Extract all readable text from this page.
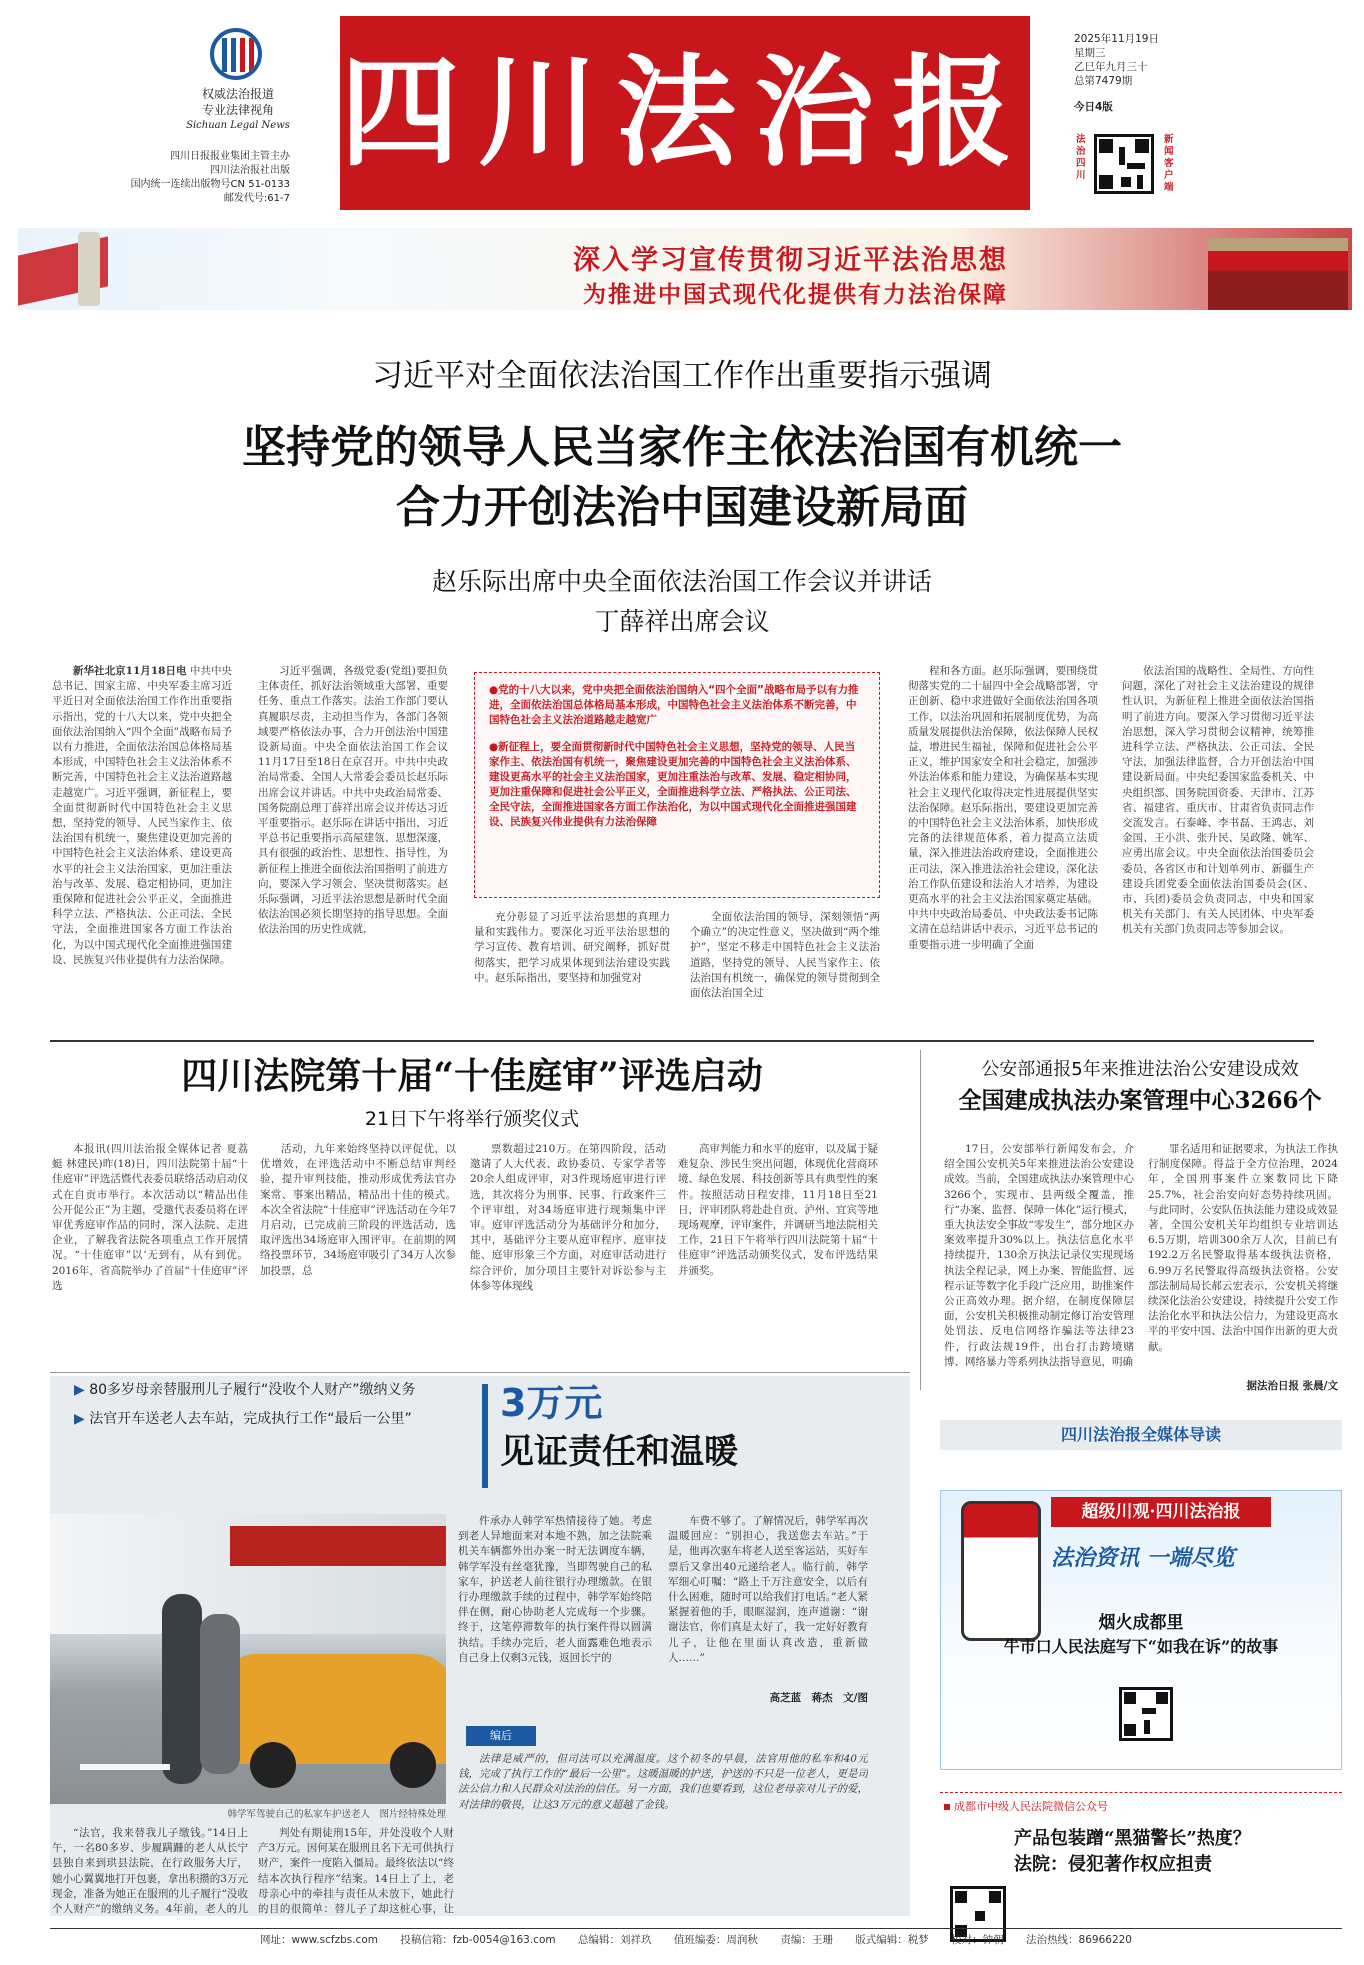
权威法治报道
专业法律视角
Sichuan Legal News
四川日报报业集团主管主办
四川法治报社出版
国内统一连续出版物号CN 51-0133
邮发代号:61-7
四川法治报
2025年11月19日
星期三
乙巳年九月三十
总第7479期
今日4版
法治四川
新闻客户端
深入学习宣传贯彻习近平法治思想
为推进中国式现代化提供有力法治保障
习近平对全面依法治国工作作出重要指示强调
坚持党的领导人民当家作主依法治国有机统一
合力开创法治中国建设新局面
赵乐际出席中央全面依法治国工作会议并讲话
丁薛祥出席会议

新华社北京11月18日电 中共中央总书记、国家主席、中央军委主席习近平近日对全面依法治国工作作出重要指示指出，党的十八大以来，党中央把全面依法治国纳入“四个全面”战略布局予以有力推进，全面依法治国总体格局基本形成，中国特色社会主义法治体系不断完善，中国特色社会主义法治道路越走越宽广。习近平强调，新征程上，要全面贯彻新时代中国特色社会主义思想，坚持党的领导、人民当家作主、依法治国有机统一，聚焦建设更加完善的中国特色社会主义法治体系、建设更高水平的社会主义法治国家，更加注重法治与改革、发展、稳定相协同，更加注重保障和促进社会公平正义，全面推进科学立法、严格执法、公正司法、全民守法，全面推进国家各方面工作法治化，为以中国式现代化全面推进强国建设、民族复兴伟业提供有力法治保障。

习近平强调，各级党委(党组)要担负主体责任，抓好法治领域重大部署、重要任务、重点工作落实。法治工作部门要认真履职尽责，主动担当作为，各部门各领域要严格依法办事，合力开创法治中国建设新局面。中央全面依法治国工作会议11月17日至18日在京召开。中共中央政治局常委、全国人大常委会委员长赵乐际出席会议并讲话。中共中央政治局常委、国务院副总理丁薛祥出席会议并传达习近平重要指示。赵乐际在讲话中指出，习近平总书记重要指示高屋建瓴、思想深邃，具有很强的政治性、思想性、指导性，为新征程上推进全面依法治国指明了前进方向，要深入学习领会、坚决贯彻落实。赵乐际强调，习近平法治思想是新时代全面依法治国必须长期坚持的指导思想。全面依法治国的历史性成就，

●党的十八大以来，党中央把全面依法治国纳入“四个全面”战略布局予以有力推进，全面依法治国总体格局基本形成，中国特色社会主义法治体系不断完善，中国特色社会主义法治道路越走越宽广

●新征程上，要全面贯彻新时代中国特色社会主义思想，坚持党的领导、人民当家作主、依法治国有机统一，聚焦建设更加完善的中国特色社会主义法治体系、建设更高水平的社会主义法治国家，更加注重法治与改革、发展、稳定相协同，更加注重保障和促进社会公平正义，全面推进科学立法、严格执法、公正司法、全民守法，全面推进国家各方面工作法治化，为以中国式现代化全面推进强国建设、民族复兴伟业提供有力法治保障

充分彰显了习近平法治思想的真理力量和实践伟力。要深化习近平法治思想的学习宣传、教育培训、研究阐释，抓好贯彻落实，把学习成果体现到法治建设实践中。赵乐际指出，要坚持和加强党对

全面依法治国的领导，深刻领悟“两个确立”的决定性意义，坚决做到“两个维护”，坚定不移走中国特色社会主义法治道路，坚持党的领导、人民当家作主、依法治国有机统一，确保党的领导贯彻到全面依法治国全过

程和各方面。赵乐际强调，要围绕贯彻落实党的二十届四中全会战略部署，守正创新、稳中求进做好全面依法治国各项工作，以法治巩固和拓展制度优势，为高质量发展提供法治保障，依法保障人民权益，增进民生福祉，保障和促进社会公平正义，维护国家安全和社会稳定，加强涉外法治体系和能力建设，为确保基本实现社会主义现代化取得决定性进展提供坚实法治保障。赵乐际指出，要建设更加完善的中国特色社会主义法治体系，加快形成完备的法律规范体系，着力提高立法质量，深入推进法治政府建设，全面推进公正司法，深入推进法治社会建设，深化法治工作队伍建设和法治人才培养，为建设更高水平的社会主义法治国家奠定基础。中共中央政治局委员、中央政法委书记陈文清在总结讲话中表示，习近平总书记的重要指示进一步明确了全面

依法治国的战略性、全局性、方向性问题，深化了对社会主义法治建设的规律性认识，为新征程上推进全面依法治国指明了前进方向。要深入学习贯彻习近平法治思想，深入学习贯彻会议精神，统筹推进科学立法、严格执法、公正司法、全民守法，加强法律监督，合力开创法治中国建设新局面。中央纪委国家监委机关、中央组织部、国务院国资委、天津市、江苏省、福建省、重庆市、甘肃省负责同志作交流发言。石泰峰、李书磊、王鸿志、刘金国、王小洪、张升民、吴政隆、姚军、应勇出席会议。中央全面依法治国委员会委员，各省区市和计划单列市、新疆生产建设兵团党委全面依法治国委员会(区、市、兵团)委员会负责同志，中央和国家机关有关部门、有关人民团体、中央军委机关有关部门负责同志等参加会议。

四川法院第十届“十佳庭审”评选启动
21日下午将举行颁奖仪式

本报讯(四川法治报全媒体记者 夏荔蜓 林建民)昨(18)日，四川法院第十届“十佳庭审”评选活暨代表委员联络活动启动仪式在自贡市举行。本次活动以“精品出佳 公开促公正”为主题，受邀代表委员将在评审优秀庭审作品的同时，深入法院、走进企业，了解我省法院各项重点工作开展情况。“十佳庭审”以‘无到有，从有到优。2016年，省高院举办了首届“十佳庭审”评选

活动，九年来始终坚持以评促优，以优增效，在评选活动中不断总结审判经验，提升审判技能，推动形成优秀法官办案常、事案出精品，精品出十佳的模式。本次全省法院“十佳庭审”评选活动在今年7月启动，已完成前三阶段的评选活动，选取评选出34场庭审入围评审。在前期的网络投票环节，34场庭审吸引了34万人次参加投票，总

票数超过210万。在第四阶段，活动邀请了人大代表、政协委员、专家学者等20余人组成评审，对3件现场庭审进行评选，其次将分为刑事、民事、行政案件三个评审组，对34场庭审进行现频集中评审。庭审评选活动分为基础评分和加分，其中，基础评分主要从庭审程序、庭审技能、庭审形象三个方面，对庭审活动进行综合评价，加分项目主要针对诉讼参与主体参等体现线

高审判能力和水平的庭审，以及属于疑难复杂、涉民生突出问题，体现优化营商环境、绿色发展、科技创新等具有典型性的案件。按照活动日程安排，11月18日至21日，评审团队将赴赴自贡、泸州、宜宾等地现场观摩，评审案件，并调研当地法院相关工作，21日下午将举行四川法院第十届“十佳庭审”评选活动颁奖仪式，发布评选结果并颁奖。

公安部通报5年来推进法治公安建设成效
全国建成执法办案管理中心3266个

17日，公安部举行新闻发布会，介绍全国公安机关5年来推进法治公安建设成效。当前，全国建成执法办案管理中心3266个，实现市、县两级全覆盖，推行“办案、监督、保障一体化”运行模式，重大执法安全事故“零发生”，部分地区办案效率提升30%以上。执法信息化水平持续提升，130余万执法记录仪实现现场执法全程记录，网上办案、智能监督、远程示证等数字化手段广泛应用，助推案件公正高效办理。据介绍，在制度保障层面，公安机关积极推动制定修订治安管理处罚法、反电信网络诈骗法等法律23件，行政法规19件，出台打击跨境赌博、网络暴力等系列执法指导意见，明确

罪名适用和证据要求，为执法工作执行制度保障。得益于全方位治理，2024年，全国刑事案件立案数同比下降25.7%，社会治安向好态势持续巩固。与此同时，公安队伍执法能力建设成效显著，全国公安机关年均组织专业培训达6.5万期，培训300余万人次，目前已有192.2万名民警取得基本级执法资格，6.99万名民警取得高级执法资格。公安部法制局局长郝云宏表示，公安机关将继续深化法治公安建设，持续提升公安工作法治化水平和执法公信力，为建设更高水平的平安中国、法治中国作出新的更大贡献。

据法治日报 张晨/文
▶ 80多岁母亲替服刑儿子履行“没收个人财产”缴纳义务
▶ 法官开车送老人去车站，完成执行工作“最后一公里”	3万元
见证责任和温暖
韩学军驾驶自己的私家车护送老人　图片经特殊处理

件承办人韩学军热情接待了她。考虑到老人异地面来对本地不熟，加之法院乘机关车辆都外出办案一时无法调度车辆，韩学军没有丝毫犹豫，当即驾驶自己的私家车，护送老人前往银行办理缴款。在银行办理缴款手续的过程中，韩学军始终陪伴在侧，耐心协助老人完成每一个步骤。终于，这笔停滞数年的执行案件得以圆满执结。手续办完后，老人面露难色地表示自己身上仅剩3元钱，返回长宁的

车费不够了。了解情况后，韩学军再次温暖回应：“别担心，我送您去车站。”于是，他再次驱车将老人送至客运站，买好车票后又拿出40元递给老人。临行前，韩学军细心叮嘱：“路上千万注意安全，以后有什么困难，随时可以给我们打电话。”老人紧紧握着他的手，眼眶湿润，连声道谢：“谢谢法官，你们真是太好了，我一定好好教育儿子，让他在里面认真改造，重新做人……”

高芝蓝　蒋杰　文/图

“法官，我来替我儿子缴钱。”14日上午，一名80多岁、步履蹒跚的老人从长宁县独自来到珙县法院，在行政服务大厅，她小心翼翼地打开包裹，拿出积攒的3万元现金，准备为她正在服刑的儿子履行“没收个人财产”的缴纳义务。4年前，老人的儿

判处有期徒刑15年，并处没收个人财产3万元。因何某在服刑且名下无可供执行财产，案件一度陷入僵局。最终依法以“终结本次执行程序”结案。14日上了上，老母亲心中的牵挂与责任从未放下，她此行的目的很简单：替儿子了却这桩心事，让

编后

法律是威严的，但司法可以充满温度。这个初冬的早晨，法官用他的私车和40元钱，完成了执行工作的“最后一公里”。这暖温暖的护送，护送的不只是一位老人，更是司法公信力和人民群众对法治的信任。另一方面，我们也要看到，这位老母亲对儿子的爱，对法律的敬畏，让这3万元的意义超越了金钱。

四川法治报全媒体导读
超级川观·四川法治报
法治资讯 一端尽览
烟火成都里
牛市口人民法庭写下“如我在诉”的故事
成都市中级人民法院微信公众号
产品包装蹭“黑猫警长”热度？
法院：侵犯著作权应担责
网址：www.scfzbs.com 投稿信箱：fzb-0054@163.com 总编辑：刘祥玖 值班编委：周润秋 责编：王珊 版式编辑：税梦 校对：钟朝 法治热线：86966220
